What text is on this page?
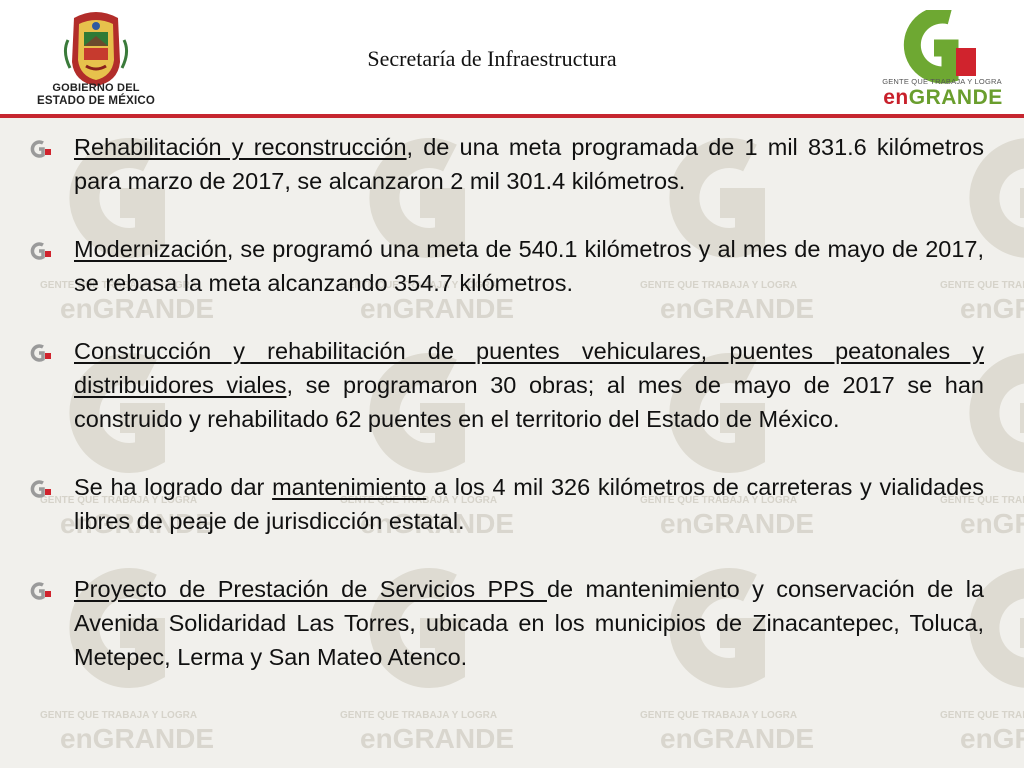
GOBIERNO DEL
ESTADO DE MÉXICO
Secretaría de Infraestructura
GENTE QUE TRABAJA Y LOGRA
enGRANDE
Rehabilitación y reconstrucción, de una meta programada de 1 mil 831.6 kilómetros para marzo de 2017, se alcanzaron 2 mil 301.4 kilómetros.
Modernización, se programó una meta de 540.1 kilómetros y al mes de mayo de 2017, se rebasa la meta alcanzando 354.7 kilómetros.
Construcción y rehabilitación de puentes vehiculares, puentes peatonales y distribuidores viales, se programaron 30 obras; al mes de mayo de 2017 se han construido y rehabilitado 62 puentes en el territorio del Estado de México.
Se ha logrado dar mantenimiento a los 4 mil 326 kilómetros de carreteras y vialidades libres de peaje de jurisdicción estatal.
Proyecto de Prestación de Servicios PPS de mantenimiento y conservación de la Avenida Solidaridad Las Torres, ubicada en los municipios de Zinacantepec, Toluca, Metepec, Lerma y San Mateo Atenco.
